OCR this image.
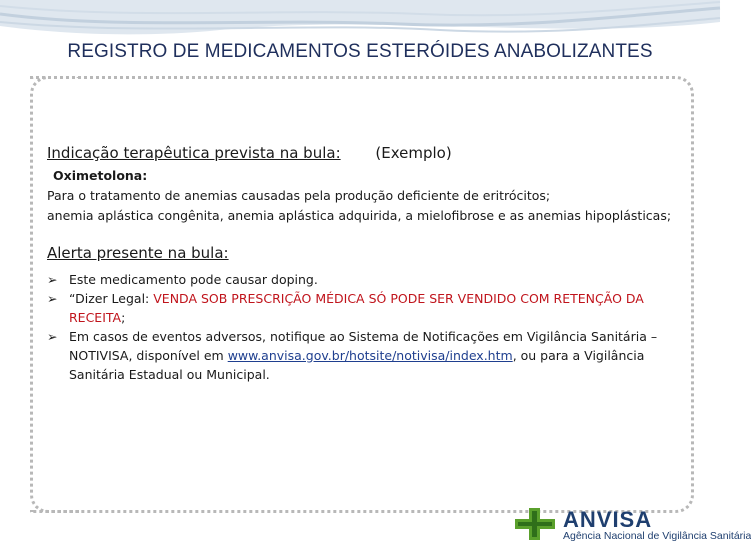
REGISTRO DE MEDICAMENTOS ESTERÓIDES ANABOLIZANTES
Indicação terapêutica prevista na bula: (Exemplo)
Oximetolona:
Para o tratamento de anemias causadas pela produção deficiente de eritrócitos;
anemia aplástica congênita, anemia aplástica adquirida, a mielofibrose e as anemias hipoplásticas;
Alerta presente na bula:
➢ Este medicamento pode causar doping.
➢ “Dizer Legal: VENDA SOB PRESCRIÇÃO MÉDICA SÓ PODE SER VENDIDO COM RETENÇÃO DA RECEITA;
➢ Em casos de eventos adversos, notifique ao Sistema de Notificações em Vigilância Sanitária – NOTIVISA, disponível em www.anvisa.gov.br/hotsite/notivisa/index.htm, ou para a Vigilância Sanitária Estadual ou Municipal.
ANVISA
Agência Nacional de Vigilância Sanitária
